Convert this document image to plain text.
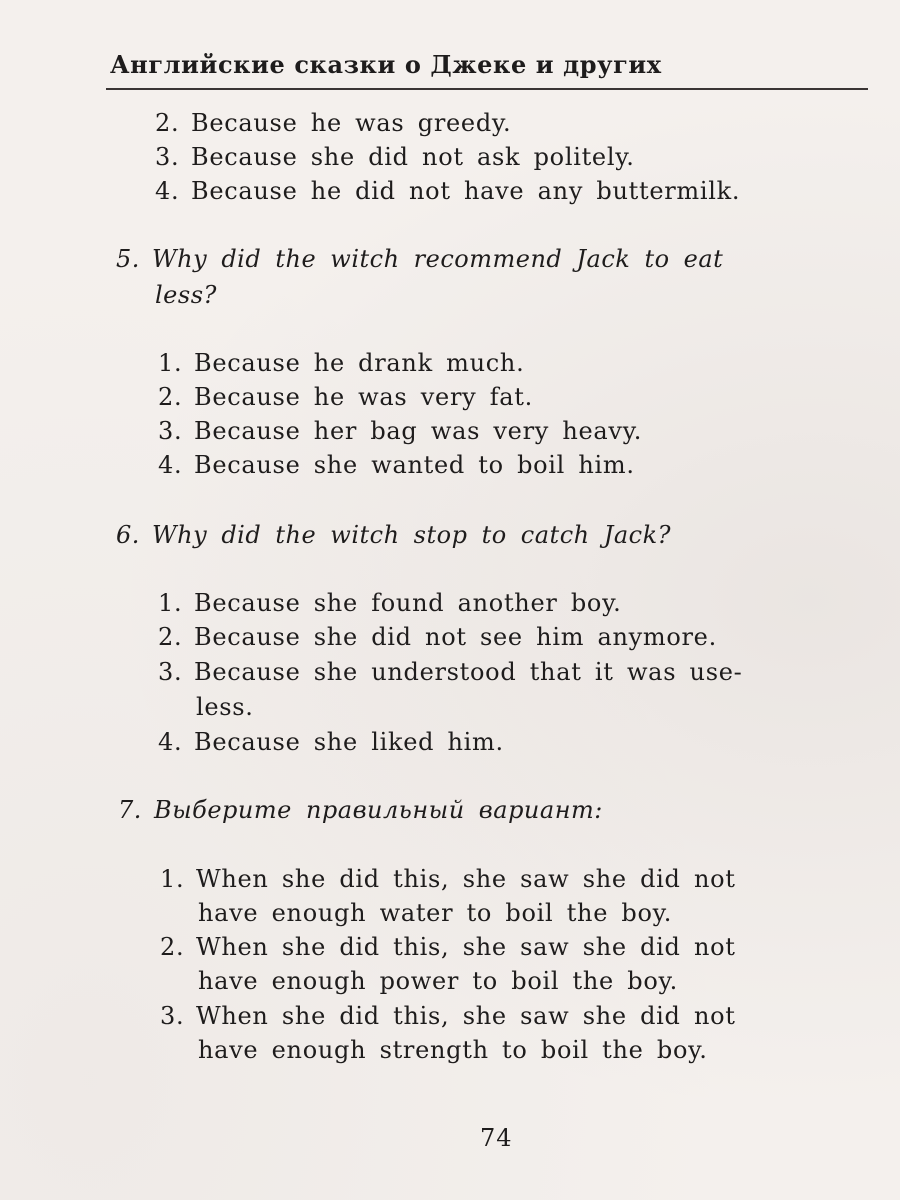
Английские сказки о Джеке и других
2. Because he was greedy.
3. Because she did not ask politely.
4. Because he did not have any buttermilk.
5. Why did the witch recommend Jack to eat
less?
1. Because he drank much.
2. Because he was very fat.
3. Because her bag was very heavy.
4. Because she wanted to boil him.
6. Why did the witch stop to catch Jack?
1. Because she found another boy.
2. Because she did not see him anymore.
3. Because she understood that it was use-
less.
4. Because she liked him.
7. Выберите правильный вариант:
1. When she did this, she saw she did not
have enough water to boil the boy.
2. When she did this, she saw she did not
have enough power to boil the boy.
3. When she did this, she saw she did not
have enough strength to boil the boy.
74
